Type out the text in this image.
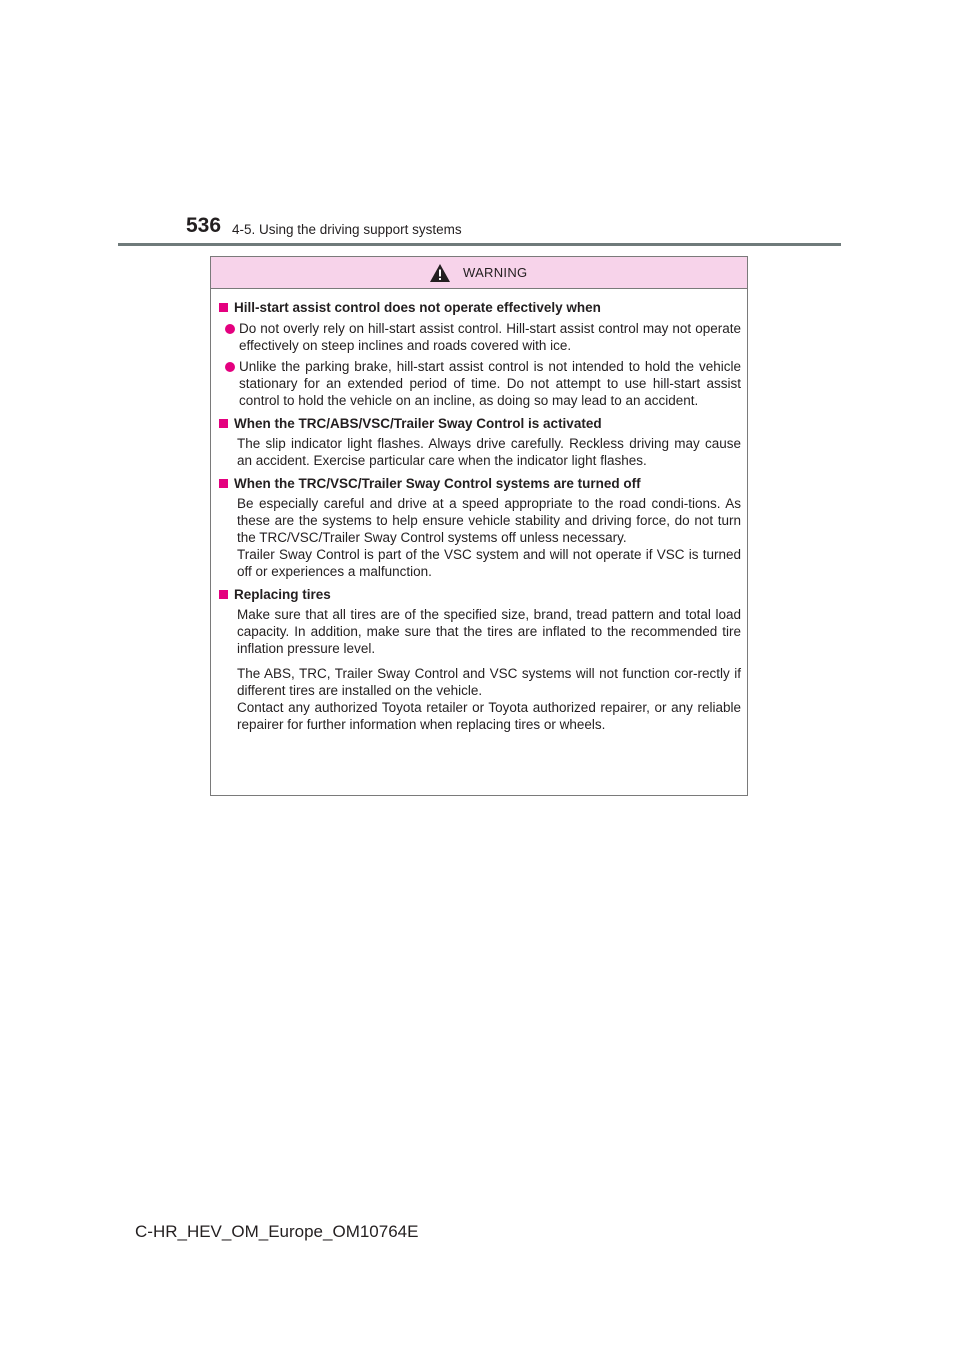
536 4-5. Using the driving support systems
WARNING
Hill-start assist control does not operate effectively when
Do not overly rely on hill-start assist control. Hill-start assist control may not operate effectively on steep inclines and roads covered with ice.
Unlike the parking brake, hill-start assist control is not intended to hold the vehicle stationary for an extended period of time. Do not attempt to use hill-start assist control to hold the vehicle on an incline, as doing so may lead to an accident.
When the TRC/ABS/VSC/Trailer Sway Control is activated

The slip indicator light flashes. Always drive carefully. Reckless driving may cause an accident. Exercise particular care when the indicator light flashes.

When the TRC/VSC/Trailer Sway Control systems are turned off

Be especially careful and drive at a speed appropriate to the road condi-tions. As these are the systems to help ensure vehicle stability and driving force, do not turn the TRC/VSC/Trailer Sway Control systems off unless necessary.

Trailer Sway Control is part of the VSC system and will not operate if VSC is turned off or experiences a malfunction.

Replacing tires

Make sure that all tires are of the specified size, brand, tread pattern and total load capacity. In addition, make sure that the tires are inflated to the recommended tire inflation pressure level.

The ABS, TRC, Trailer Sway Control and VSC systems will not function cor-rectly if different tires are installed on the vehicle.

Contact any authorized Toyota retailer or Toyota authorized repairer, or any reliable repairer for further information when replacing tires or wheels.

C-HR_HEV_OM_Europe_OM10764E
